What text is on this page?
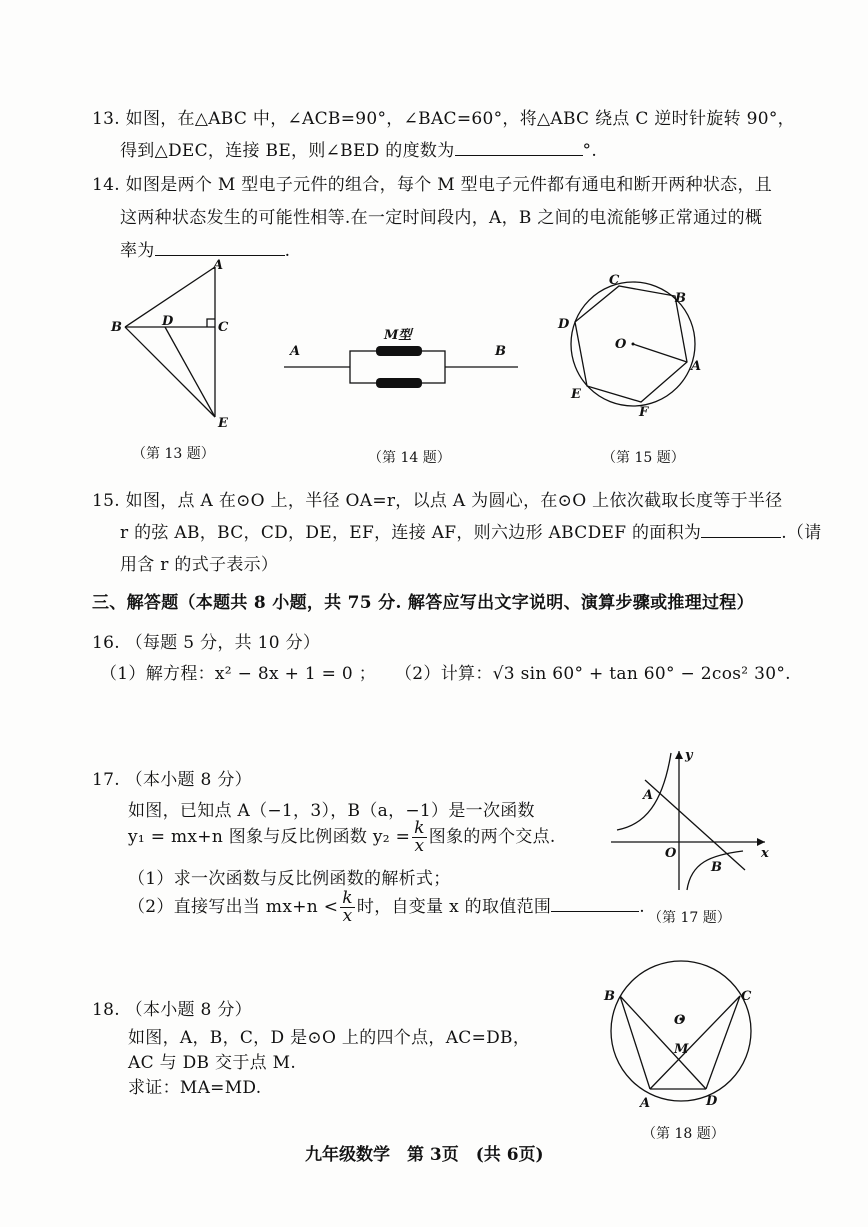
13. 如图，在△ABC 中，∠ACB=90°，∠BAC=60°，将△ABC 绕点 C 逆时针旋转 90°，
得到△DEC，连接 BE，则∠BED 的度数为	°.
14. 如图是两个 M 型电子元件的组合，每个 M 型电子元件都有通电和断开两种状态，且
这两种状态发生的可能性相等.在一定时间段内，A，B 之间的电流能够正常通过的概
率为	.
B
A
D	C
E
（第 13 题）
M型
A	B
（第 14 题）
A
B
C
D
E
F
O
（第 15 题）
15. 如图，点 A 在⊙O 上，半径 OA=r，以点 A 为圆心，在⊙O 上依次截取长度等于半径
r 的弦 AB，BC，CD，DE，EF，连接 AF，则六边形 ABCDEF 的面积为	.（请
用含 r 的式子表示）
三、解答题（本题共 8 小题，共 75 分. 解答应写出文字说明、演算步骤或推理过程）
16. （每题 5 分，共 10 分）
（1）解方程：x² − 8x + 1 = 0 ； （2）计算：√3 sin 60° + tan 60° − 2cos² 30°.
17. （本小题 8 分）
如图，已知点 A（−1，3），B（a，−1）是一次函数
y₁ = mx+n 图象与反比例函数 $y_2 = \frac{k}{x}$ 图象的两个交点.
（1）求一次函数与反比例函数的解析式；
（2）直接写出当 $mx+n < \frac{k}{x}$ 时，自变量 x 的取值范围	.
y
x
O
A
B
（第 17 题）
18. （本小题 8 分）
如图，A，B，C，D 是⊙O 上的四个点，AC=DB，
AC 与 DB 交于点 M.
求证：MA=MD.
B	C
A	D
O
M
（第 18 题）
九年级数学　第 3页　(共 6页)
